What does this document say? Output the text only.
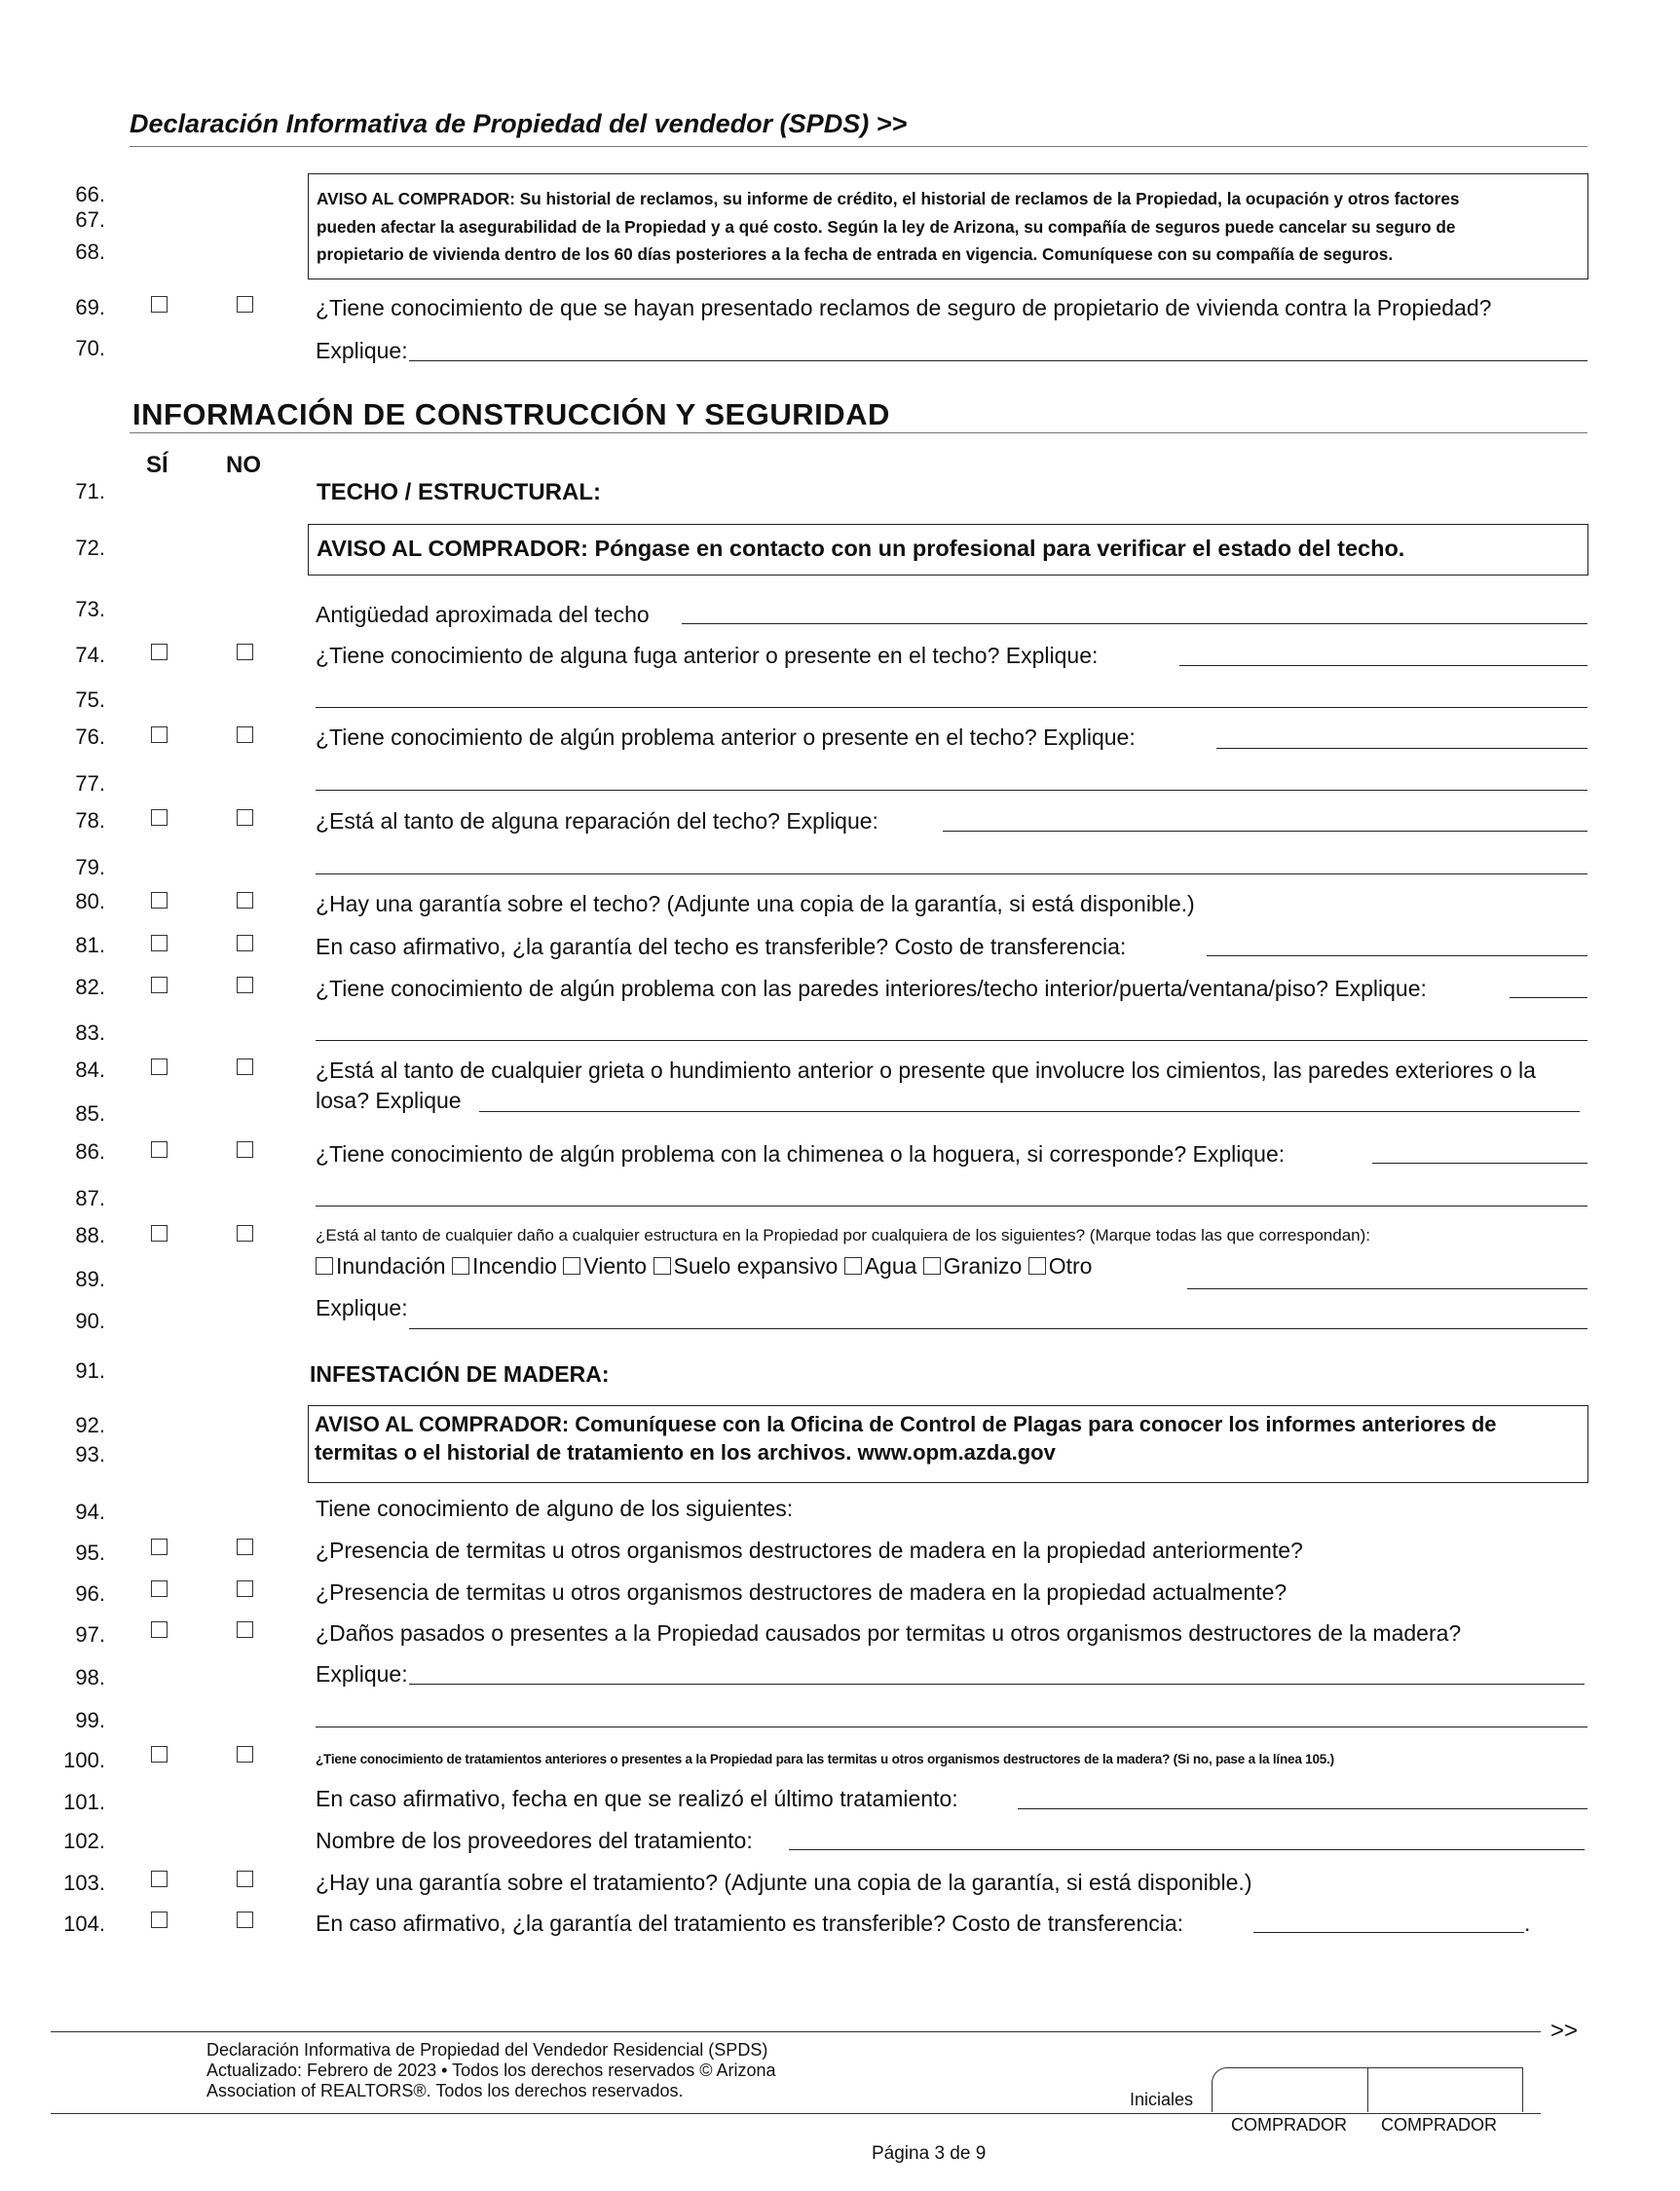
Declaración Informativa de Propiedad del vendedor (SPDS) >>
66.
67.
68.
AVISO AL COMPRADOR: Su historial de reclamos, su informe de crédito, el historial de reclamos de la Propiedad, la ocupación y otros factores
pueden afectar la asegurabilidad de la Propiedad y a qué costo. Según la ley de Arizona, su compañía de seguros puede cancelar su seguro de
propietario de vivienda dentro de los 60 días posteriores a la fecha de entrada en vigencia. Comuníquese con su compañía de seguros.
69.	¿Tiene conocimiento de que se hayan presentado reclamos de seguro de propietario de vivienda contra la Propiedad?
70.	Explique:
INFORMACIÓN DE CONSTRUCCIÓN Y SEGURIDAD
SÍ NO
71.	TECHO / ESTRUCTURAL:
72.	AVISO AL COMPRADOR: Póngase en contacto con un profesional para verificar el estado del techo.
73.	Antigüedad aproximada del techo
74.	¿Tiene conocimiento de alguna fuga anterior o presente en el techo? Explique:
75.
76.	¿Tiene conocimiento de algún problema anterior o presente en el techo? Explique:
77.
78.	¿Está al tanto de alguna reparación del techo? Explique:
79.
80.	¿Hay una garantía sobre el techo? (Adjunte una copia de la garantía, si está disponible.)
81.	En caso afirmativo, ¿la garantía del techo es transferible? Costo de transferencia:
82.	¿Tiene conocimiento de algún problema con las paredes interiores/techo interior/puerta/ventana/piso? Explique:
83.
84.	¿Está al tanto de cualquier grieta o hundimiento anterior o presente que involucre los cimientos, las paredes exteriores o la
85.
losa? Explique
86.	¿Tiene conocimiento de algún problema con la chimenea o la hoguera, si corresponde? Explique:
87.
88.	¿Está al tanto de cualquier daño a cualquier estructura en la Propiedad por cualquiera de los siguientes? (Marque todas las que correspondan):
89.
Inundación Incendio Viento Suelo expansivo Agua Granizo Otro
90.
Explique:
91.	INFESTACIÓN DE MADERA:
92.
93.
AVISO AL COMPRADOR: Comuníquese con la Oficina de Control de Plagas para conocer los informes anteriores de
termitas o el historial de tratamiento en los archivos. www.opm.azda.gov
94.	Tiene conocimiento de alguno de los siguientes:
95.	¿Presencia de termitas u otros organismos destructores de madera en la propiedad anteriormente?
96.	¿Presencia de termitas u otros organismos destructores de madera en la propiedad actualmente?
97.	¿Daños pasados o presentes a la Propiedad causados por termitas u otros organismos destructores de la madera?
98.	Explique:
99.
100.	¿Tiene conocimiento de tratamientos anteriores o presentes a la Propiedad para las termitas u otros organismos destructores de la madera? (Si no, pase a la línea 105.)
101.	En caso afirmativo, fecha en que se realizó el último tratamiento:
102.	Nombre de los proveedores del tratamiento:
103.	¿Hay una garantía sobre el tratamiento? (Adjunte una copia de la garantía, si está disponible.)
104.	En caso afirmativo, ¿la garantía del tratamiento es transferible? Costo de transferencia:	.
>>
Declaración Informativa de Propiedad del Vendedor Residencial (SPDS)
Actualizado: Febrero de 2023 • Todos los derechos reservados © Arizona
Association of REALTORS®. Todos los derechos reservados.	Iniciales
COMPRADOR COMPRADOR
Página 3 de 9
